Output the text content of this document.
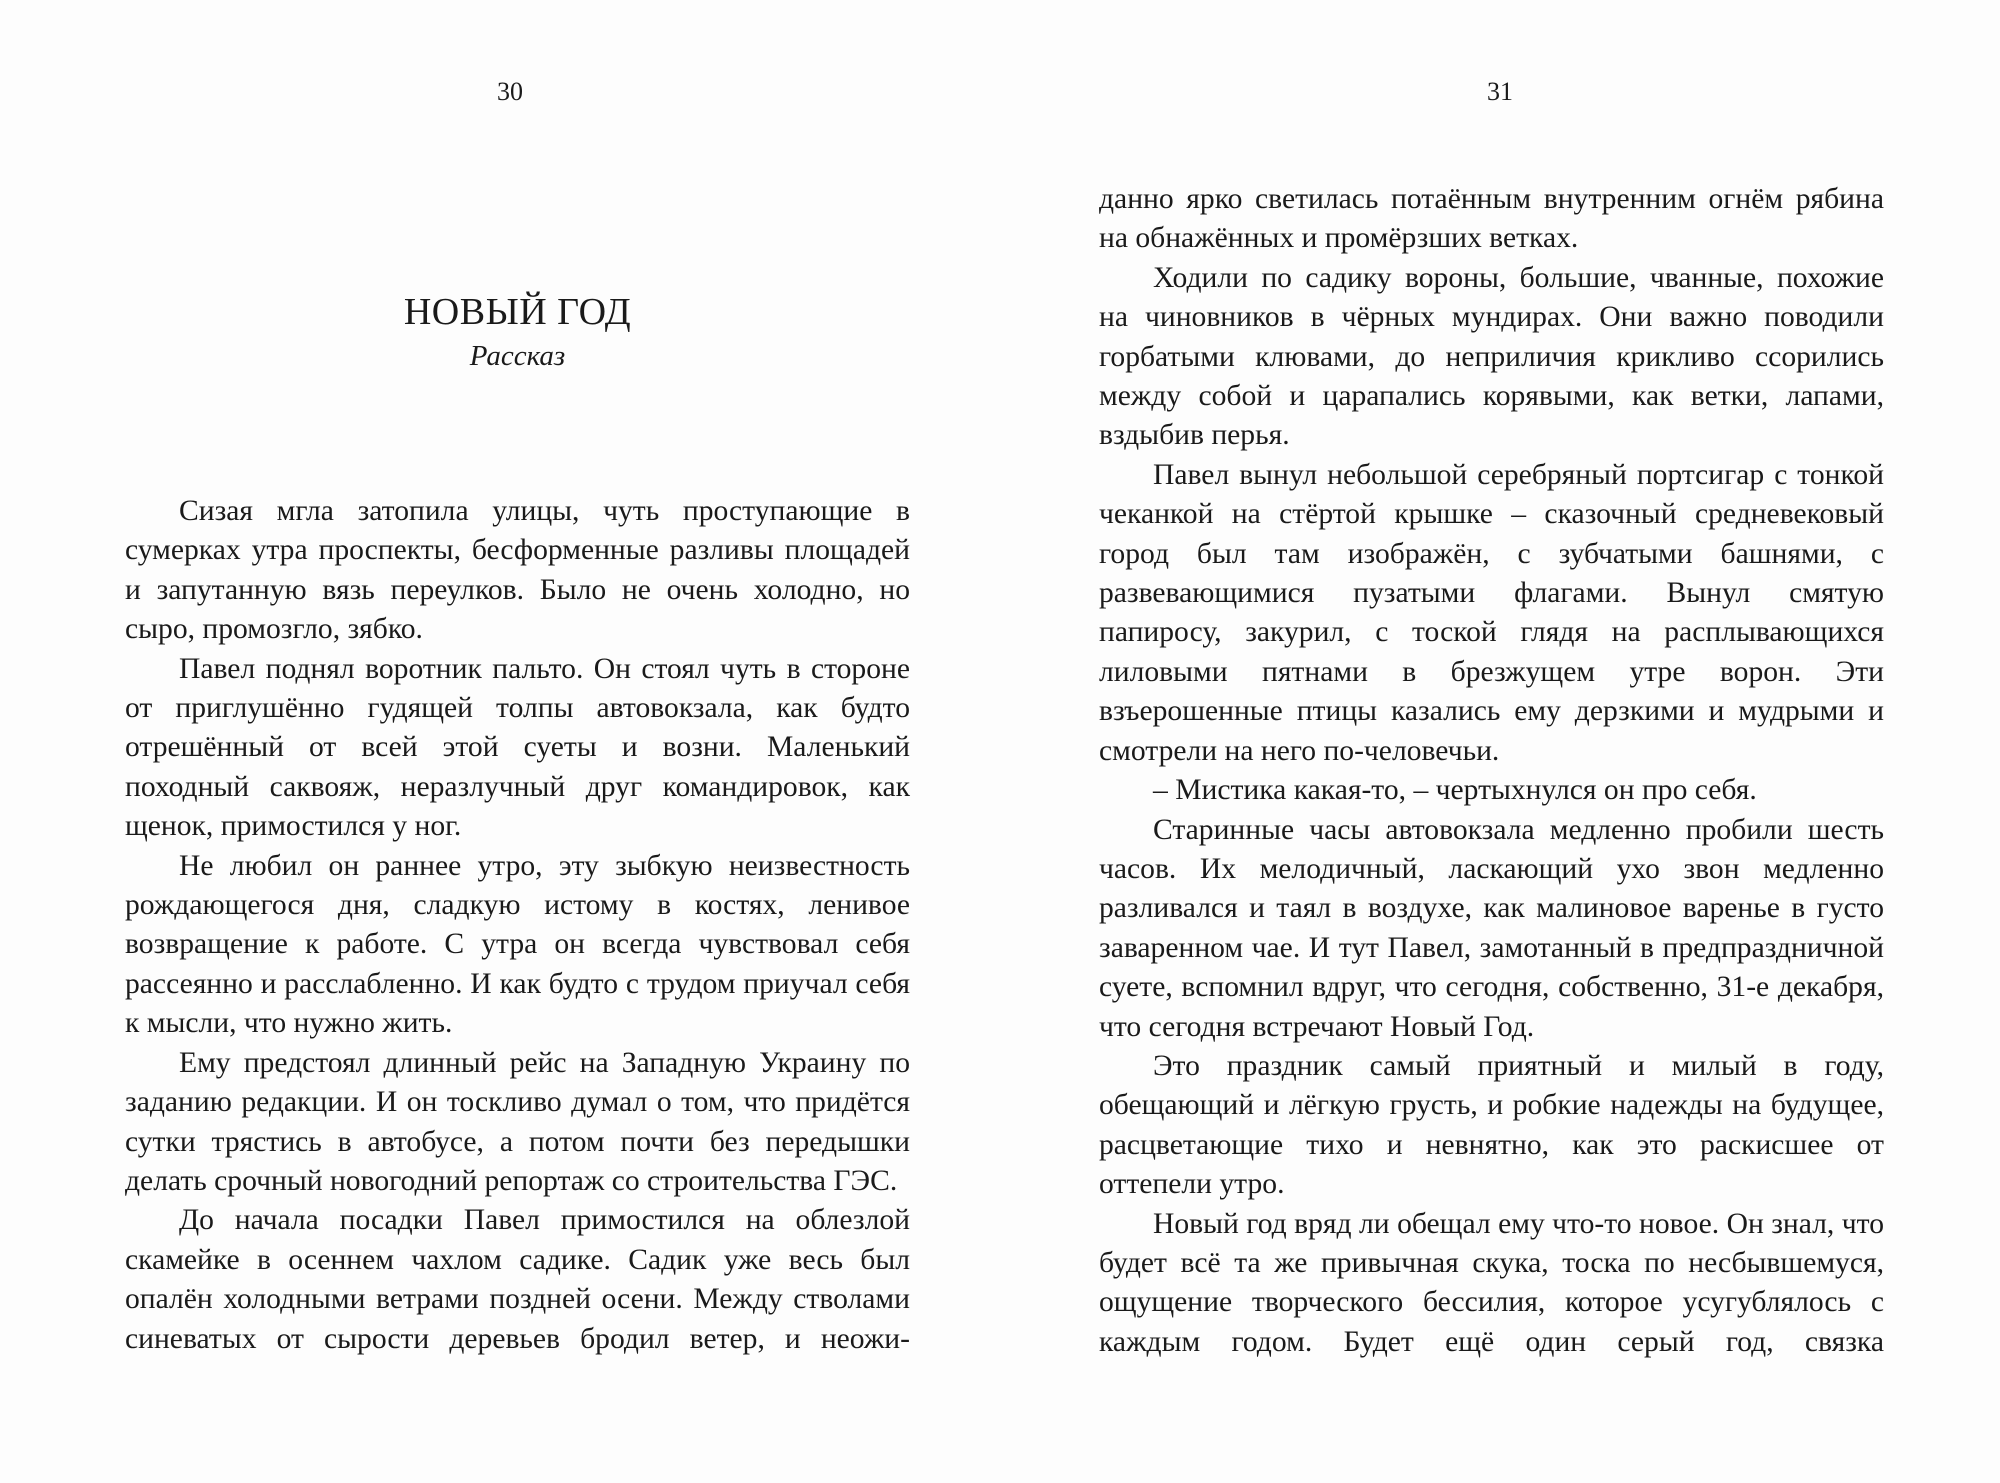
30
НОВЫЙ ГОД
Рассказ

Сизая мгла затопила улицы, чуть проступающие в сумерках утра проспекты, бесформенные разливы площадей и запутанную вязь переулков. Было не очень холодно, но сыро, промозгло, зябко.

Павел поднял воротник пальто. Он стоял чуть в стороне от приглушённо гудящей толпы автовокзала, как будто отрешённый от всей этой суеты и возни. Маленький походный саквояж, неразлучный друг командировок, как щенок, примостился у ног.

Не любил он раннее утро, эту зыбкую неизвестность рождающегося дня, сладкую истому в костях, ленивое возвращение к работе. С утра он всегда чувствовал себя рассеянно и расслабленно. И как будто с трудом приучал себя к мысли, что нужно жить.

Ему предстоял длинный рейс на Западную Украину по заданию редакции. И он тоскливо думал о том, что придётся сутки трястись в автобусе, а потом почти без передышки делать срочный новогодний репортаж со строительства ГЭС.

До начала посадки Павел примостился на облезлой скамейке в осеннем чахлом садике. Садик уже весь был опалён холодными ветрами поздней осени. Между стволами синеватых от сырости деревьев бродил ветер, и неожи-

31

данно ярко светилась потаённым внутренним огнём рябина на обнажённых и промёрзших ветках.

Ходили по садику вороны, большие, чванные, похожие на чиновников в чёрных мундирах. Они важно поводили горбатыми клювами, до неприличия крикливо ссорились между собой и царапались корявыми, как ветки, лапами, вздыбив перья.

Павел вынул небольшой серебряный портсигар с тонкой чеканкой на стёртой крышке – сказочный средневековый город был там изображён, с зубчатыми башнями, с развевающимися пузатыми флагами. Вынул смятую папиросу, закурил, с тоской глядя на расплывающихся лиловыми пятнами в брезжущем утре ворон. Эти взъерошенные птицы казались ему дерзкими и мудрыми и смотрели на него по-человечьи.

– Мистика какая-то, – чертыхнулся он про себя.

Старинные часы автовокзала медленно пробили шесть часов. Их мелодичный, ласкающий ухо звон медленно разливался и таял в воздухе, как малиновое варенье в густо заваренном чае. И тут Павел, замотанный в предпраздничной суете, вспомнил вдруг, что сегодня, собственно, 31-е декабря, что сегодня встречают Новый Год.

Это праздник самый приятный и милый в году, обещающий и лёгкую грусть, и робкие надежды на будущее, расцветающие тихо и невнятно, как это раскисшее от оттепели утро.

Новый год вряд ли обещал ему что-то новое. Он знал, что будет всё та же привычная скука, тоска по несбывшемуся, ощущение творческого бессилия, которое усугублялось с каждым годом. Будет ещё один серый год, связка
